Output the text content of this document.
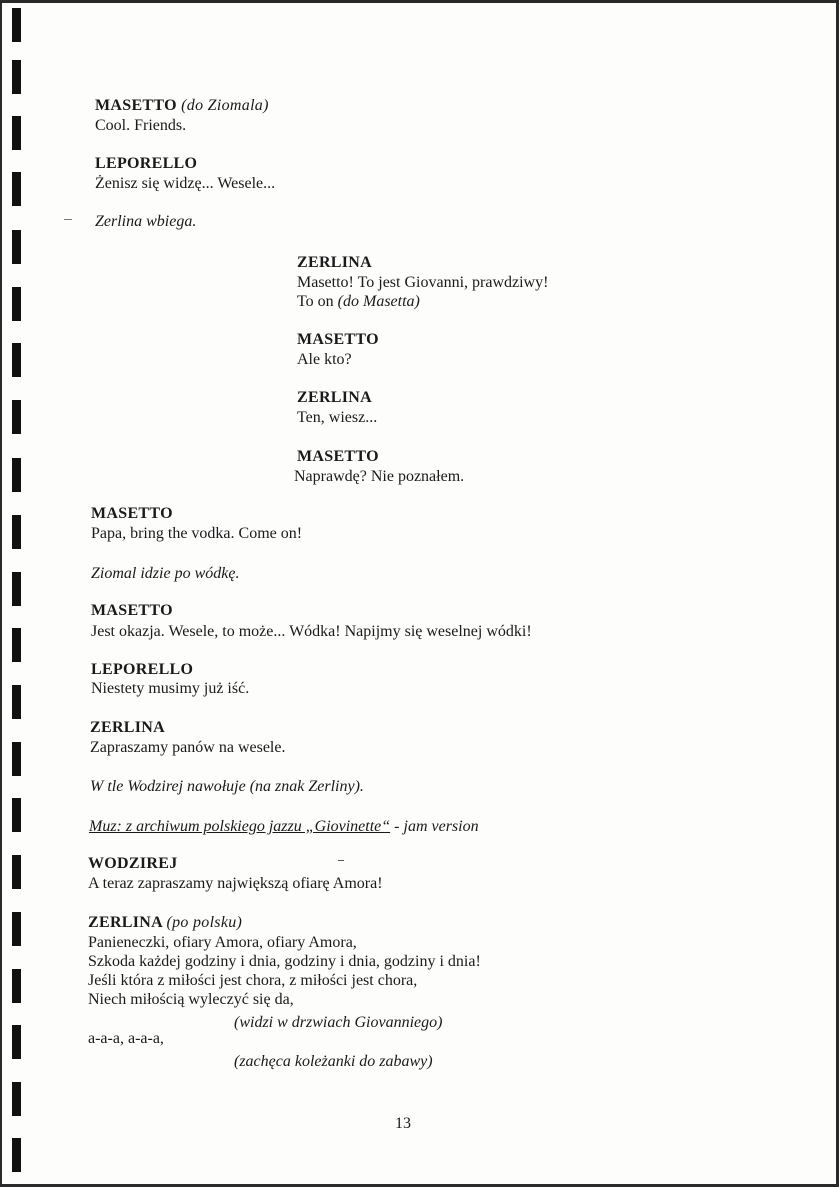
MASETTO (do Ziomala)
Cool. Friends.
LEPORELLO
Żenisz się widzę... Wesele...
Zerlina wbiega.
ZERLINA
Masetto! To jest Giovanni, prawdziwy!
To on (do Masetta)
MASETTO
Ale kto?
ZERLINA
Ten, wiesz...
MASETTO
Naprawdę? Nie poznałem.
MASETTO
Papa, bring the vodka. Come on!
Ziomal idzie po wódkę.
MASETTO
Jest okazja. Wesele, to może... Wódka! Napijmy się weselnej wódki!
LEPORELLO
Niestety musimy już iść.
ZERLINA
Zapraszamy panów na wesele.
W tle Wodzirej nawołuje (na znak Zerliny).
Muz: z archiwum polskiego jazzu „Giovinette“ - jam version
WODZIREJ
A teraz zapraszamy największą ofiarę Amora!
ZERLINA (po polsku)
Panieneczki, ofiary Amora, ofiary Amora,
Szkoda każdej godziny i dnia, godziny i dnia, godziny i dnia!
Jeśli która z miłości jest chora, z miłości jest chora,
Niech miłością wyleczyć się da,
(widzi w drzwiach Giovanniego)
a-a-a, a-a-a,
(zachęca koleżanki do zabawy)
13
